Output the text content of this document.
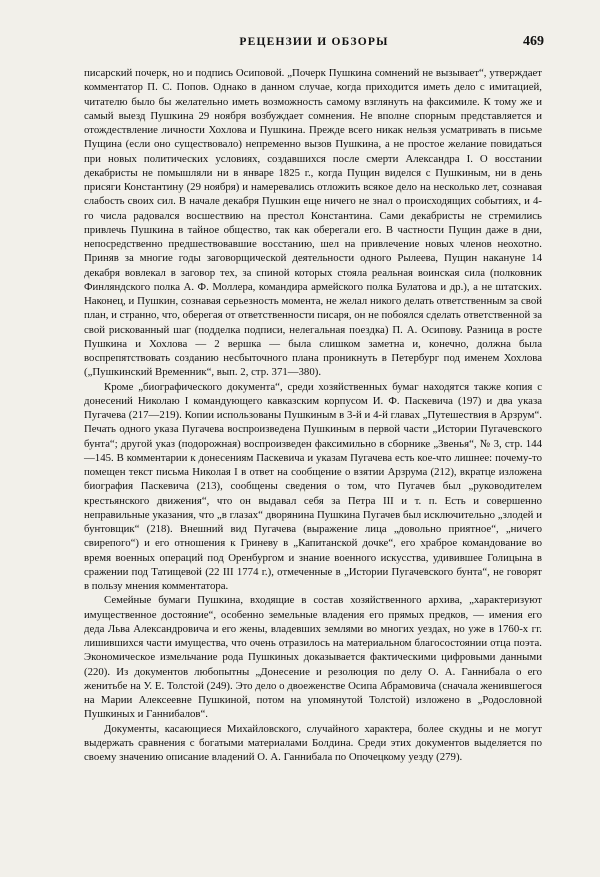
РЕЦЕНЗИИ И ОБЗОРЫ	469

писарский почерк, но и подпись Осиповой. „Почерк Пушкина сомнений не вызывает“, утверждает комментатор П. С. Попов. Однако в данном случае, когда приходится иметь дело с имитацией, читателю было бы желательно иметь возможность самому взглянуть на факсимиле. К тому же и самый выезд Пушкина 29 ноября возбуждает сомнения. Не вполне спорным представляется и отождествление личности Хохлова и Пушкина. Прежде всего никак нельзя усматривать в письме Пущина (если оно существовало) непременно вызов Пушкина, а не простое желание повидаться при новых политических условиях, создавшихся после смерти Александра I. О восстании декабристы не помышляли ни в январе 1825 г., когда Пущин виделся с Пушкиным, ни в день присяги Константину (29 ноября) и намеревались отложить всякое дело на несколько лет, сознавая слабость своих сил. В начале декабря Пушкин еще ничего не знал о происходящих событиях, и 4-го числа радовался восшествию на престол Константина. Сами декабристы не стремились привлечь Пушкина в тайное общество, так как оберегали его. В частности Пущин даже в дни, непосредственно предшествовавшие восстанию, шел на привлечение новых членов неохотно. Приняв за многие годы заговорщической деятельности одного Рылеева, Пущин накануне 14 декабря вовлекал в заговор тех, за спиной которых стояла реальная воинская сила (полковник Финляндского полка А. Ф. Моллера, командира армейского полка Булатова и др.), а не штатских. Наконец, и Пушкин, сознавая серьезность момента, не желал никого делать ответственным за свой план, и странно, что, оберегая от ответственности писаря, он не побоялся сделать ответственной за свой рискованный шаг (подделка подписи, нелегальная поездка) П. А. Осипову. Разница в росте Пушкина и Хохлова — 2 вершка — была слишком заметна и, конечно, должна была воспрепятствовать созданию несбыточного плана проникнуть в Петербург под именем Хохлова („Пушкинский Временник“, вып. 2, стр. 371—380).

Кроме „биографического документа“, среди хозяйственных бумаг находятся также копия с донесений Николаю I командующего кавказским корпусом И. Ф. Паскевича (197) и два указа Пугачева (217—219). Копии использованы Пушкиным в 3-й и 4-й главах „Путешествия в Арзрум“. Печать одного указа Пугачева воспроизведена Пушкиным в первой части „Истории Пугачевского бунта“; другой указ (подорожная) воспроизведен факсимильно в сборнике „Звенья“, № 3, стр. 144—145. В комментарии к донесениям Паскевича и указам Пугачева есть кое-что лишнее: почему-то помещен текст письма Николая I в ответ на сообщение о взятии Арзрума (212), вкратце изложена биография Паскевича (213), сообщены сведения о том, что Пугачев был „руководителем крестьянского движения“, что он выдавал себя за Петра III и т. п. Есть и совершенно неправильные указания, что „в глазах“ дворянина Пушкина Пугачев был исключительно „злодей и бунтовщик“ (218). Внешний вид Пугачева (выражение лица „довольно приятное“, „ничего свирепого“) и его отношения к Гриневу в „Капитанской дочке“, его храброе командование во время военных операций под Оренбургом и знание военного искусства, удивившее Голицына в сражении под Татищевой (22 III 1774 г.), отмеченные в „Истории Пугачевского бунта“, не говорят в пользу мнения комментатора.

Семейные бумаги Пушкина, входящие в состав хозяйственного архива, „характеризуют имущественное достояние“, особенно земельные владения его прямых предков, — имения его деда Льва Александровича и его жены, владевших землями во многих уездах, но уже в 1760-х гг. лишившихся части имущества, что очень отразилось на материальном благосостоянии отца поэта. Экономическое измельчание рода Пушкиных доказывается фактическими цифровыми данными (220). Из документов любопытны „Донесение и резолюция по делу О. А. Ганнибала о его женитьбе на У. Е. Толстой (249). Это дело о двоеженстве Осипа Абрамовича (сначала женившегося на Марии Алексеевне Пушкиной, потом на упомянутой Толстой) изложено в „Родословной Пушкиных и Ганнибалов“.

Документы, касающиеся Михайловского, случайного характера, более скудны и не могут выдержать сравнения с богатыми материалами Болдина. Среди этих документов выделяется по своему значению описание владений О. А. Ганнибала по Опочецкому уезду (279).
